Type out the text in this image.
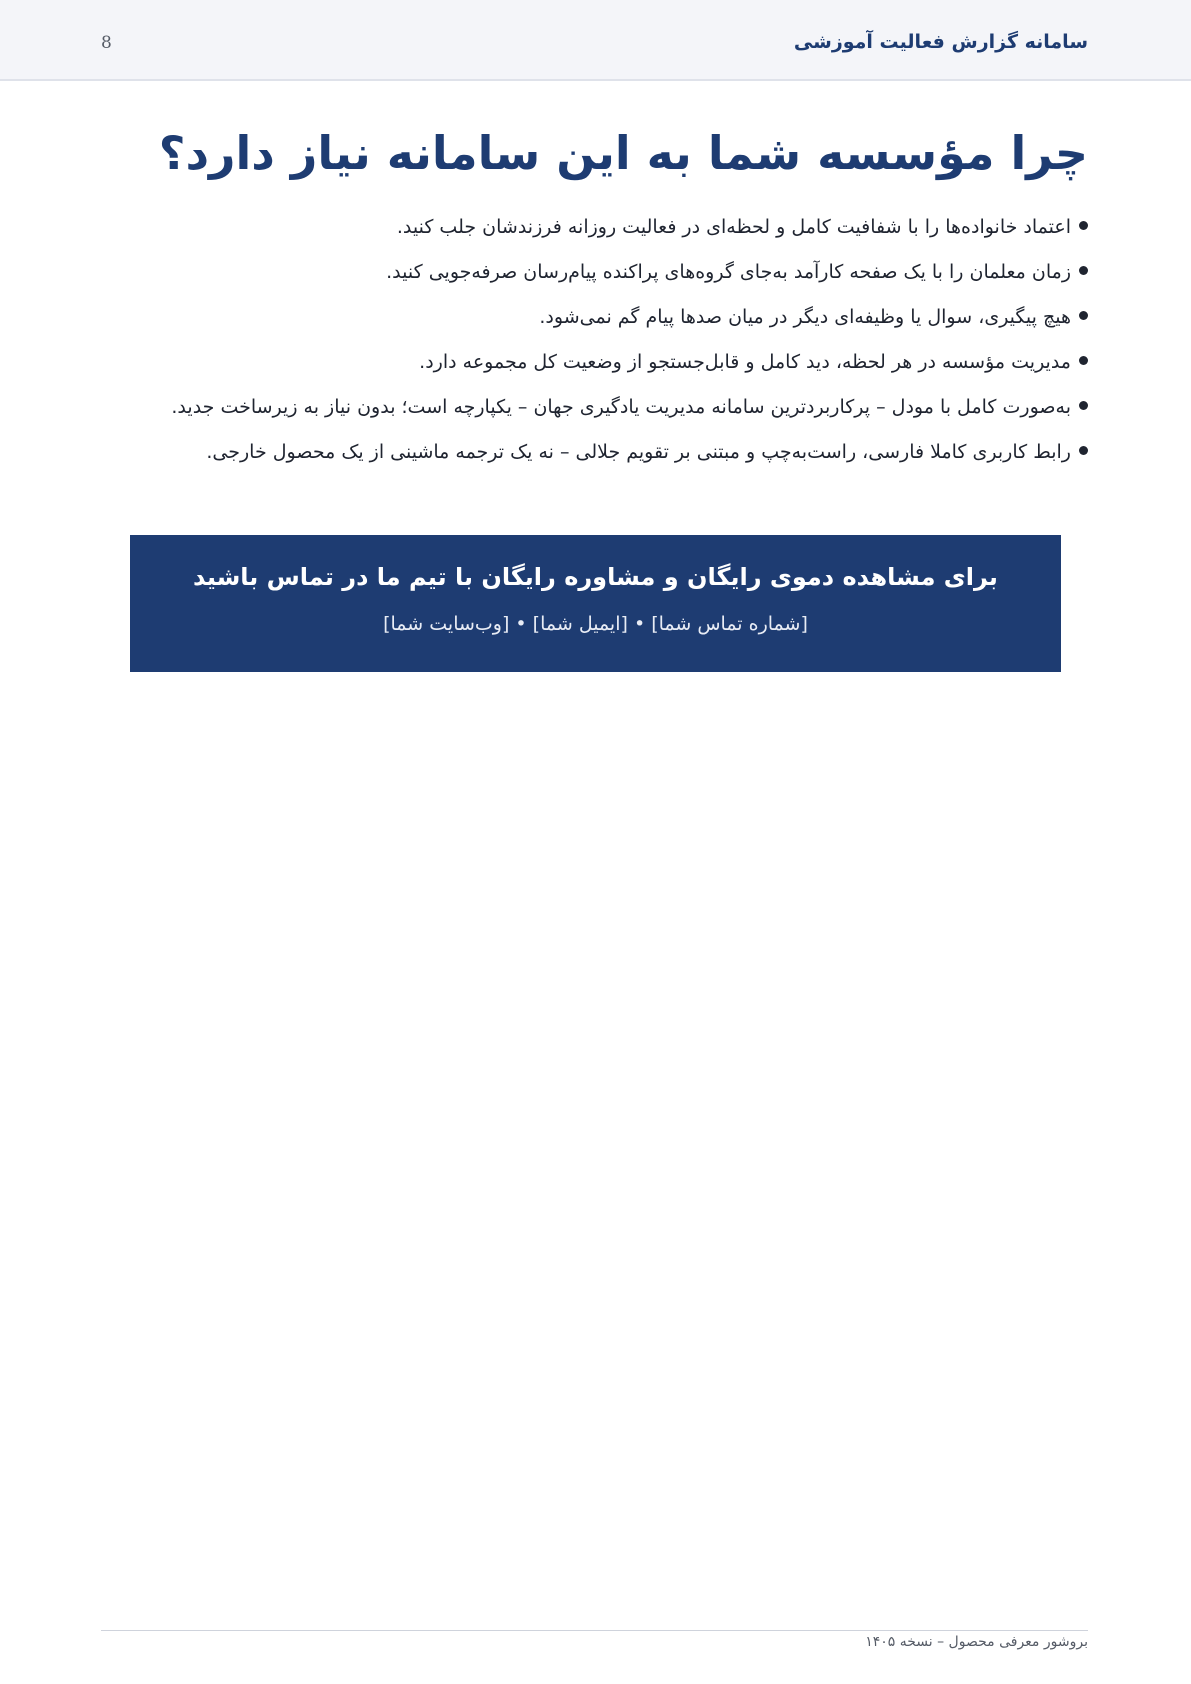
سامانه گزارش فعالیت آموزشی
8
چرا مؤسسه شما به این سامانه نیاز دارد؟
اعتماد خانواده‌ها را با شفافیت کامل و لحظه‌ای در فعالیت روزانه فرزندشان جلب کنید.
زمان معلمان را با یک صفحه کارآمد به‌جای گروه‌های پراکنده پیام‌رسان صرفه‌جویی کنید.
هیچ پیگیری، سوال یا وظیفه‌ای دیگر در میان صدها پیام گم نمی‌شود.
مدیریت مؤسسه در هر لحظه، دید کامل و قابل‌جستجو از وضعیت کل مجموعه دارد.
به‌صورت کامل با مودل – پرکاربردترین سامانه مدیریت یادگیری جهان – یکپارچه است؛ بدون نیاز به زیرساخت جدید.
رابط کاربری کاملا فارسی، راست‌به‌چپ و مبتنی بر تقویم جلالی – نه یک ترجمه ماشینی از یک محصول خارجی.
برای مشاهده دموی رایگان و مشاوره رایگان با تیم ما در تماس باشید
[شماره تماس شما] • [ایمیل شما] • [وب‌سایت شما]
بروشور معرفی محصول – نسخه ۱۴۰۵
